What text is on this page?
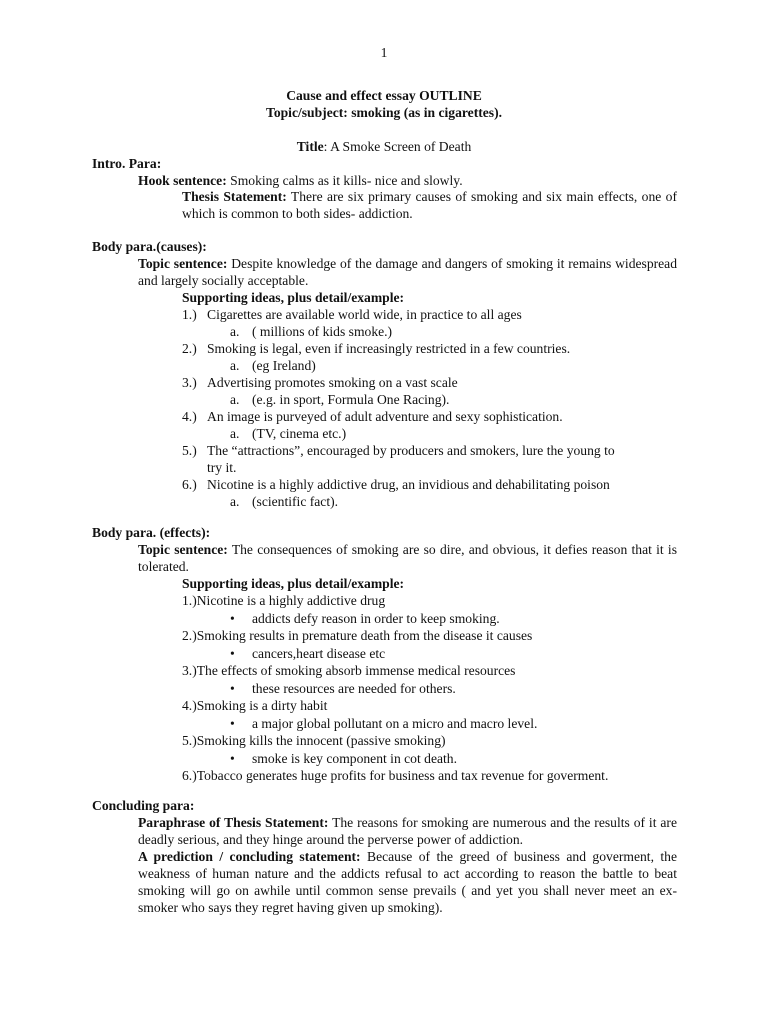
1
Cause and effect essay OUTLINE
Topic/subject: smoking (as in cigarettes).
Title: A Smoke Screen of Death
Intro. Para:
Hook sentence: Smoking calms as it kills- nice and slowly.
Thesis Statement: There are six primary causes of smoking and six main effects, one of which is common to both sides- addiction.
Body para.(causes):
Topic sentence: Despite knowledge of the damage and dangers of smoking it remains widespread and largely socially acceptable.
Supporting ideas, plus detail/example:
1.) Cigarettes are available world wide, in practice to all ages
a. ( millions of kids smoke.)
2.) Smoking is legal, even if increasingly restricted in a few countries.
a. (eg Ireland)
3.) Advertising promotes smoking on a vast scale
a. (e.g. in sport, Formula One Racing).
4.) An image is purveyed of adult adventure and sexy sophistication.
a. (TV, cinema etc.)
5.) The “attractions”, encouraged by producers and smokers, lure the young to
try it.
6.) Nicotine is a highly addictive drug, an invidious and dehabilitating poison
a. (scientific fact).
Body para. (effects):
Topic sentence: The consequences of smoking are so dire, and obvious, it defies reason that it is tolerated.
Supporting ideas, plus detail/example:
1.) Nicotine is a highly addictive drug
•	addicts defy reason in order to keep smoking.
2.) Smoking results in premature death from the disease it causes
•	cancers,heart disease etc
3.) The effects of smoking absorb immense medical resources
•	these resources are needed for others.
4.) Smoking is a dirty habit
•	a major global pollutant on a micro and macro level.
5.) Smoking kills the innocent (passive smoking)
•	smoke is key component in cot death.
6.) Tobacco generates huge profits for business and tax revenue for goverment.
Concluding para:
Paraphrase of Thesis Statement: The reasons for smoking are numerous and the results of it are deadly serious, and they hinge around the perverse power of addiction.
A prediction / concluding statement: Because of the greed of business and goverment, the weakness of human nature and the addicts refusal to act according to reason the battle to beat smoking will go on awhile until common sense prevails ( and yet you shall never meet an ex-smoker who says they regret having given up smoking).
